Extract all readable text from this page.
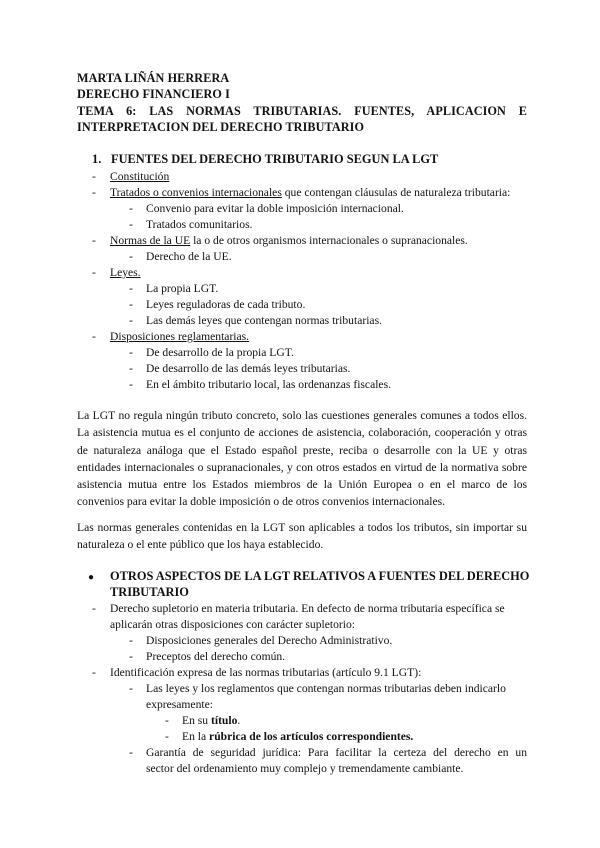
MARTA LIÑÁN HERRERA
DERECHO FINANCIERO I
TEMA 6: LAS NORMAS TRIBUTARIAS. FUENTES, APLICACION E
INTERPRETACION DEL DERECHO TRIBUTARIO
1. FUENTES DEL DERECHO TRIBUTARIO SEGUN LA LGT
- Constitución
- Tratados o convenios internacionales que contengan cláusulas de naturaleza tributaria:
- Convenio para evitar la doble imposición internacional.
- Tratados comunitarios.
- Normas de la UE la o de otros organismos internacionales o supranacionales.
- Derecho de la UE.
- Leyes.
- La propia LGT.
- Leyes reguladoras de cada tributo.
- Las demás leyes que contengan normas tributarias.
- Disposiciones reglamentarias.
- De desarrollo de la propia LGT.
- De desarrollo de las demás leyes tributarias.
- En el ámbito tributario local, las ordenanzas fiscales.
La LGT no regula ningún tributo concreto, solo las cuestiones generales comunes a todos ellos. La asistencia mutua es el conjunto de acciones de asistencia, colaboración, cooperación y otras de naturaleza análoga que el Estado español preste, reciba o desarrolle con la UE y otras entidades internacionales o supranacionales, y con otros estados en virtud de la normativa sobre asistencia mutua entre los Estados miembros de la Unión Europea o en el marco de los convenios para evitar la doble imposición o de otros convenios internacionales.
Las normas generales contenidas en la LGT son aplicables a todos los tributos, sin importar su naturaleza o el ente público que los haya establecido.
● OTROS ASPECTOS DE LA LGT RELATIVOS A FUENTES DEL DERECHO
TRIBUTARIO
- Derecho supletorio en materia tributaria. En defecto de norma tributaria específica se
aplicarán otras disposiciones con carácter supletorio:
- Disposiciones generales del Derecho Administrativo.
- Preceptos del derecho común.
- Identificación expresa de las normas tributarias (artículo 9.1 LGT):
- Las leyes y los reglamentos que contengan normas tributarias deben indicarlo
expresamente:
- En su título.
- En la rúbrica de los artículos correspondientes.
- Garantía de seguridad jurídica: Para facilitar la certeza del derecho en un
sector del ordenamiento muy complejo y tremendamente cambiante.
